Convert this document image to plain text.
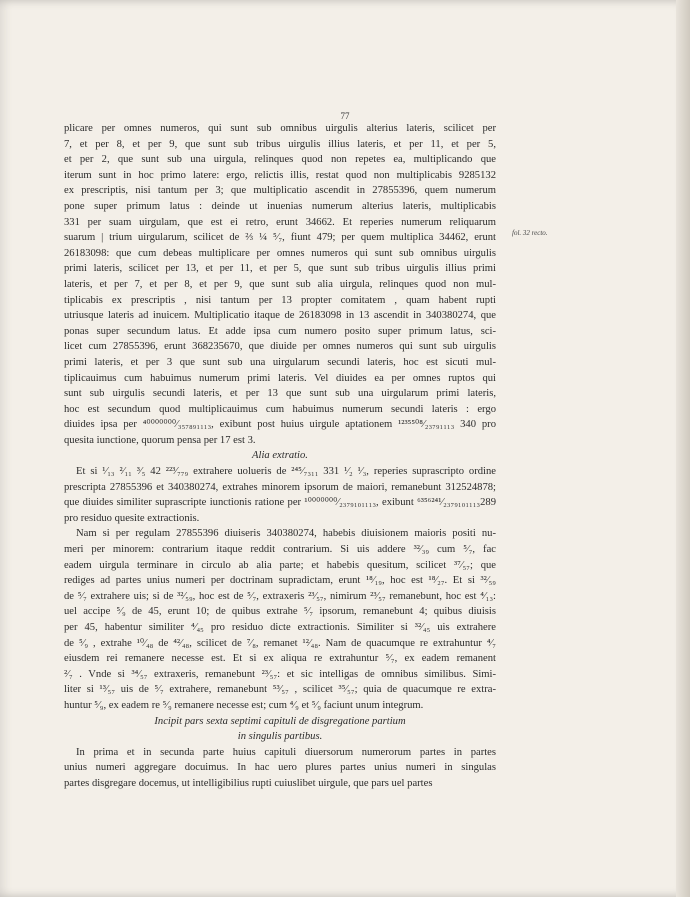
77
fol. 32 recto.
plicare per omnes numeros, qui sunt sub omnibus uirgulis alterius lateris, scilicet per
7, et per 8, et per 9, que sunt sub tribus uirgulis illius lateris, et per 11, et per 5,
et per 2, que sunt sub una uirgula, relinques quod non repetes ea, multiplicando que
iterum sunt in hoc primo latere: ergo, relictis illis, restat quod non multiplicabis 9285132
ex prescriptis, nisi tantum per 3; que multiplicatio ascendit in 27855396, quem numerum
pone super primum latus : deinde ut inuenias numerum alterius lateris, multiplicabis
331 per suam uirgulam, que est ei retro, erunt 34662. Et reperies numerum reliquarum
suarum | trium uirgularum, scilicet de ⅔ ¼ ⁵⁄₇, fiunt 479; per quem multiplica 34462, erunt
26183098: que cum debeas multiplicare per omnes numeros qui sunt sub omnibus uirgulis
primi lateris, scilicet per 13, et per 11, et per 5, que sunt sub tribus uirgulis illius primi
lateris, et per 7, et per 8, et per 9, que sunt sub alia uirgula, relinques quod non mul-
tiplicabis ex prescriptis , nisi tantum per 13 propter comitatem , quam habent rupti
utriusque lateris ad inuicem. Multiplicatio itaque de 26183098 in 13 ascendit in 340380274, que
ponas super secundum latus. Et adde ipsa cum numero posito super primum latus, sci-
licet cum 27855396, erunt 368235670, que diuide per omnes numeros qui sunt sub uirgulis
primi lateris, et per 3 que sunt sub una uirgularum secundi lateris, hoc est sicuti mul-
tiplicauimus cum habuimus numerum primi lateris. Vel diuides ea per omnes ruptos qui
sunt sub uirgulis secundi lateris, et per 13 que sunt sub una uirgularum primi lateris,
hoc est secundum quod multiplicauimus cum habuimus numerum secundi lateris : ergo
diuides ipsa per ⁴⁰⁰⁰⁰⁰⁰⁰⁄₃₅₇₈₉₁₁₁₃, exibunt post huius uirgule aptationem ¹²³⁵⁵⁰⁸⁄₂₃₇₉₁₁₁₃ 340 pro
quesita iunctione, quorum pensa per 17 est 3.
Alia extratio.
Et si ¹⁄₁₃ ²⁄₁₁ ³⁄₅ 42 ²²³⁄₇₇₉ extrahere uolueris de ²⁴⁵⁄₇₃₁₁ 331 ¹⁄₂ ¹⁄₃, reperies suprascripto ordine
prescripta 27855396 et 340380274, extrahes minorem ipsorum de maiori, remanebunt 312524878;
que diuides similiter suprascripte iunctionis ratione per ¹⁰⁰⁰⁰⁰⁰⁰⁄₂₃₇₉₁₀₁₁₁₃, exibunt ⁶³⁵⁶²⁴¹⁄₂₃₇₉₁₀₁₁₁₃289
pro residuo quesite extractionis.
Nam si per regulam 27855396 diuiseris 340380274, habebis diuisionem maioris positi nu-
meri per minorem: contrarium itaque reddit contrarium. Si uis addere ³²⁄₃₉ cum ⁵⁄₇, fac
eadem uirgula terminare in circulo ab alia parte; et habebis quesitum, scilicet ³⁷⁄₅₇; que
rediges ad partes unius numeri per doctrinam supradictam, erunt ¹⁸⁄₁₉, hoc est ¹⁸⁄₂₇. Et si ³²⁄₅₉
de ⁵⁄₇ extrahere uis; si de ³²⁄₅₉, hoc est de ⁵⁄₇, extraxeris ²³⁄₅₇, nimirum ²³⁄₅₇ remanebunt, hoc est ⁴⁄₁₃:
uel accipe ⁵⁄₉ de 45, erunt 10; de quibus extrahe ⁵⁄₇ ipsorum, remanebunt 4; quibus diuisis
per 45, habentur similiter ⁴⁄₄₅ pro residuo dicte extractionis. Similiter si ³²⁄₄₅ uis extrahere
de ⁵⁄₉ , extrahe ¹⁰⁄₄₈ de ⁴²⁄₄₈, scilicet de ⁷⁄₈, remanet ¹²⁄₄₈. Nam de quacumque re extrahuntur ⁴⁄₇
eiusdem rei remanere necesse est. Et si ex aliqua re extrahuntur ⁵⁄₇, ex eadem remanent
²⁄₇ . Vnde si ³⁴⁄₅₇ extraxeris, remanebunt ²³⁄₅₇: et sic intelligas de omnibus similibus. Simi-
liter si ¹³⁄₅₇ uis de ⁵⁄₇ extrahere, remanebunt ⁵³⁄₅₇ , scilicet ³⁵⁄₅₇; quia de quacumque re extra-
huntur ⁵⁄₉, ex eadem re ⁵⁄₉ remanere necesse est; cum ⁴⁄₉ et ⁵⁄₉ faciunt unum integrum.
Incipit pars sexta septimi capituli de disgregatione partium
in singulis partibus.
In prima et in secunda parte huius capituli diuersorum numerorum partes in partes
unius numeri aggregare docuimus. In hac uero plures partes unius numeri in singulas
partes disgregare docemus, ut intelligibilius rupti cuiuslibet uirgule, que pars uel partes
